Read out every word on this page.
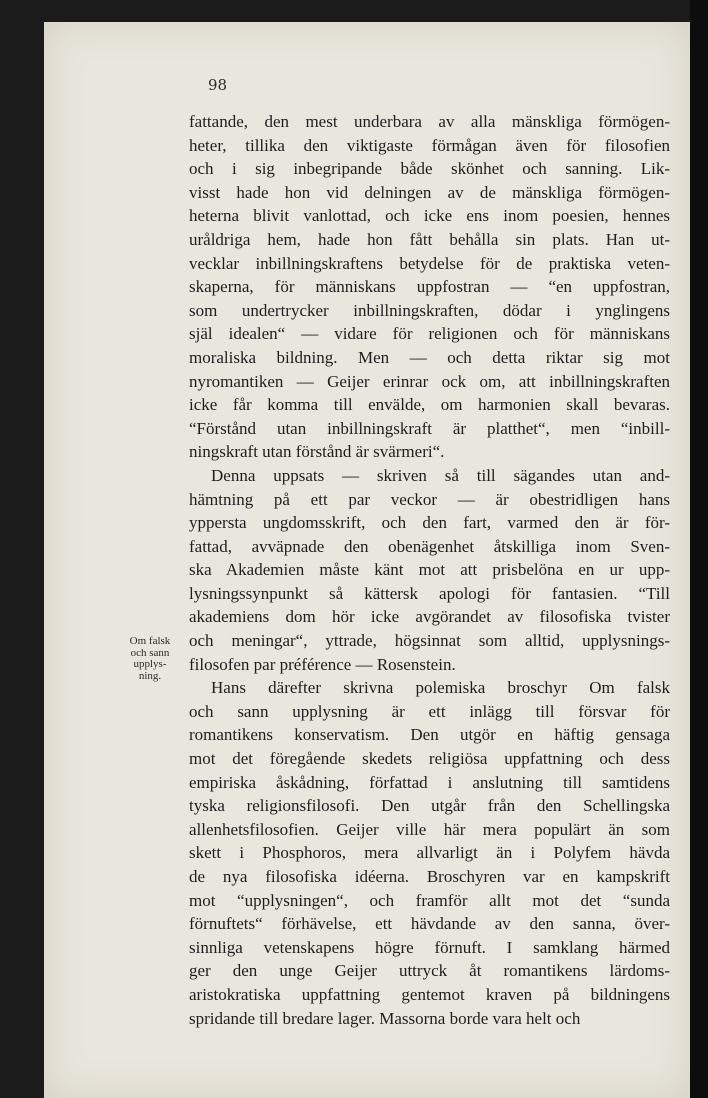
98
Om falsk
och sann
upplys-
ning.
fattande, den mest underbara av alla mänskliga förmögen-
heter, tillika den viktigaste förmågan även för filosofien
och i sig inbegripande både skönhet och sanning. Lik-
visst hade hon vid delningen av de mänskliga förmögen-
heterna blivit vanlottad, och icke ens inom poesien, hennes
uråldriga hem, hade hon fått behålla sin plats. Han ut-
vecklar inbillningskraftens betydelse för de praktiska veten-
skaperna, för människans uppfostran — “en uppfostran,
som undertrycker inbillningskraften, dödar i ynglingens
själ idealen“ — vidare för religionen och för människans
moraliska bildning. Men — och detta riktar sig mot
nyromantiken — Geijer erinrar ock om, att inbillningskraften
icke får komma till envälde, om harmonien skall bevaras.
“Förstånd utan inbillningskraft är platthet“, men “inbill-
ningskraft utan förstånd är svärmeri“.
Denna uppsats — skriven så till sägandes utan and-
hämtning på ett par veckor — är obestridligen hans
yppersta ungdomsskrift, och den fart, varmed den är för-
fattad, avväpnade den obenägenhet åtskilliga inom Sven-
ska Akademien måste känt mot att prisbelöna en ur upp-
lysningssynpunkt så kättersk apologi för fantasien. “Till
akademiens dom hör icke avgörandet av filosofiska tvister
och meningar“, yttrade, högsinnat som alltid, upplysnings-
filosofen par préférence — Rosenstein.
Hans därefter skrivna polemiska broschyr Om falsk
och sann upplysning är ett inlägg till försvar för
romantikens konservatism. Den utgör en häftig gensaga
mot det föregående skedets religiösa uppfattning och dess
empiriska åskådning, författad i anslutning till samtidens
tyska religionsfilosofi. Den utgår från den Schellingska
allenhetsfilosofien. Geijer ville här mera populärt än som
skett i Phosphoros, mera allvarligt än i Polyfem hävda
de nya filosofiska idéerna. Broschyren var en kampskrift
mot “upplysningen“, och framför allt mot det “sunda
förnuftets“ förhävelse, ett hävdande av den sanna, över-
sinnliga vetenskapens högre förnuft. I samklang härmed
ger den unge Geijer uttryck åt romantikens lärdoms-
aristokratiska uppfattning gentemot kraven på bildningens
spridande till bredare lager. Massorna borde vara helt och
